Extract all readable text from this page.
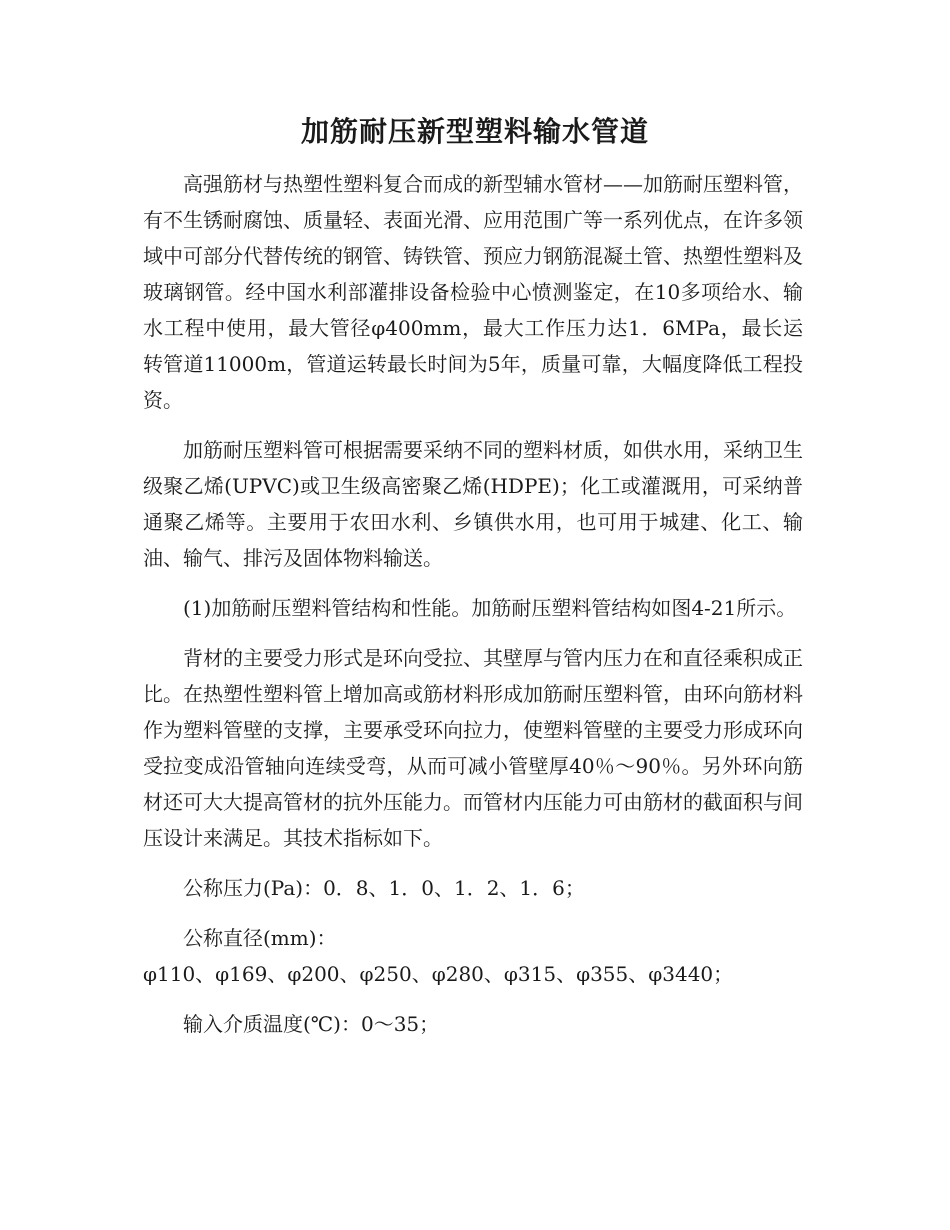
加筋耐压新型塑料输水管道

高强筋材与热塑性塑料复合而成的新型辅水管材——加筋耐压塑料管，有不生锈耐腐蚀、质量轻、表面光滑、应用范围广等一系列优点，在许多领域中可部分代替传统的钢管、铸铁管、预应力钢筋混凝土管、热塑性塑料及玻璃钢管。经中国水利部灌排设备检验中心愤测鉴定，在10多项给水、输水工程中使用，最大管径φ400mm，最大工作压力达1．6MPa，最长运转管道11000m，管道运转最长时间为5年，质量可靠，大幅度降低工程投资。

加筋耐压塑料管可根据需要采纳不同的塑料材质，如供水用，采纳卫生级聚乙烯(UPVC)或卫生级高密聚乙烯(HDPE)；化工或灌溉用，可采纳普通聚乙烯等。主要用于农田水利、乡镇供水用，也可用于城建、化工、输油、输气、排污及固体物料输送。

(1)加筋耐压塑料管结构和性能。加筋耐压塑料管结构如图4-21所示。

背材的主要受力形式是环向受拉、其壁厚与管内压力在和直径乘积成正比。在热塑性塑料管上增加高或筋材料形成加筋耐压塑料管，由环向筋材料作为塑料管壁的支撑，主要承受环向拉力，使塑料管壁的主要受力形成环向受拉变成沿管轴向连续受弯，从而可减小管壁厚40％～90％。另外环向筋材还可大大提高管材的抗外压能力。而管材内压能力可由筋材的截面积与间压设计来满足。其技术指标如下。

公称压力(Pa)：0．8、1．0、1．2、1．6；

公称直径(mm)：

φ110、φ169、φ200、φ250、φ280、φ315、φ355、φ3440；

输入介质温度(℃)：0～35；
